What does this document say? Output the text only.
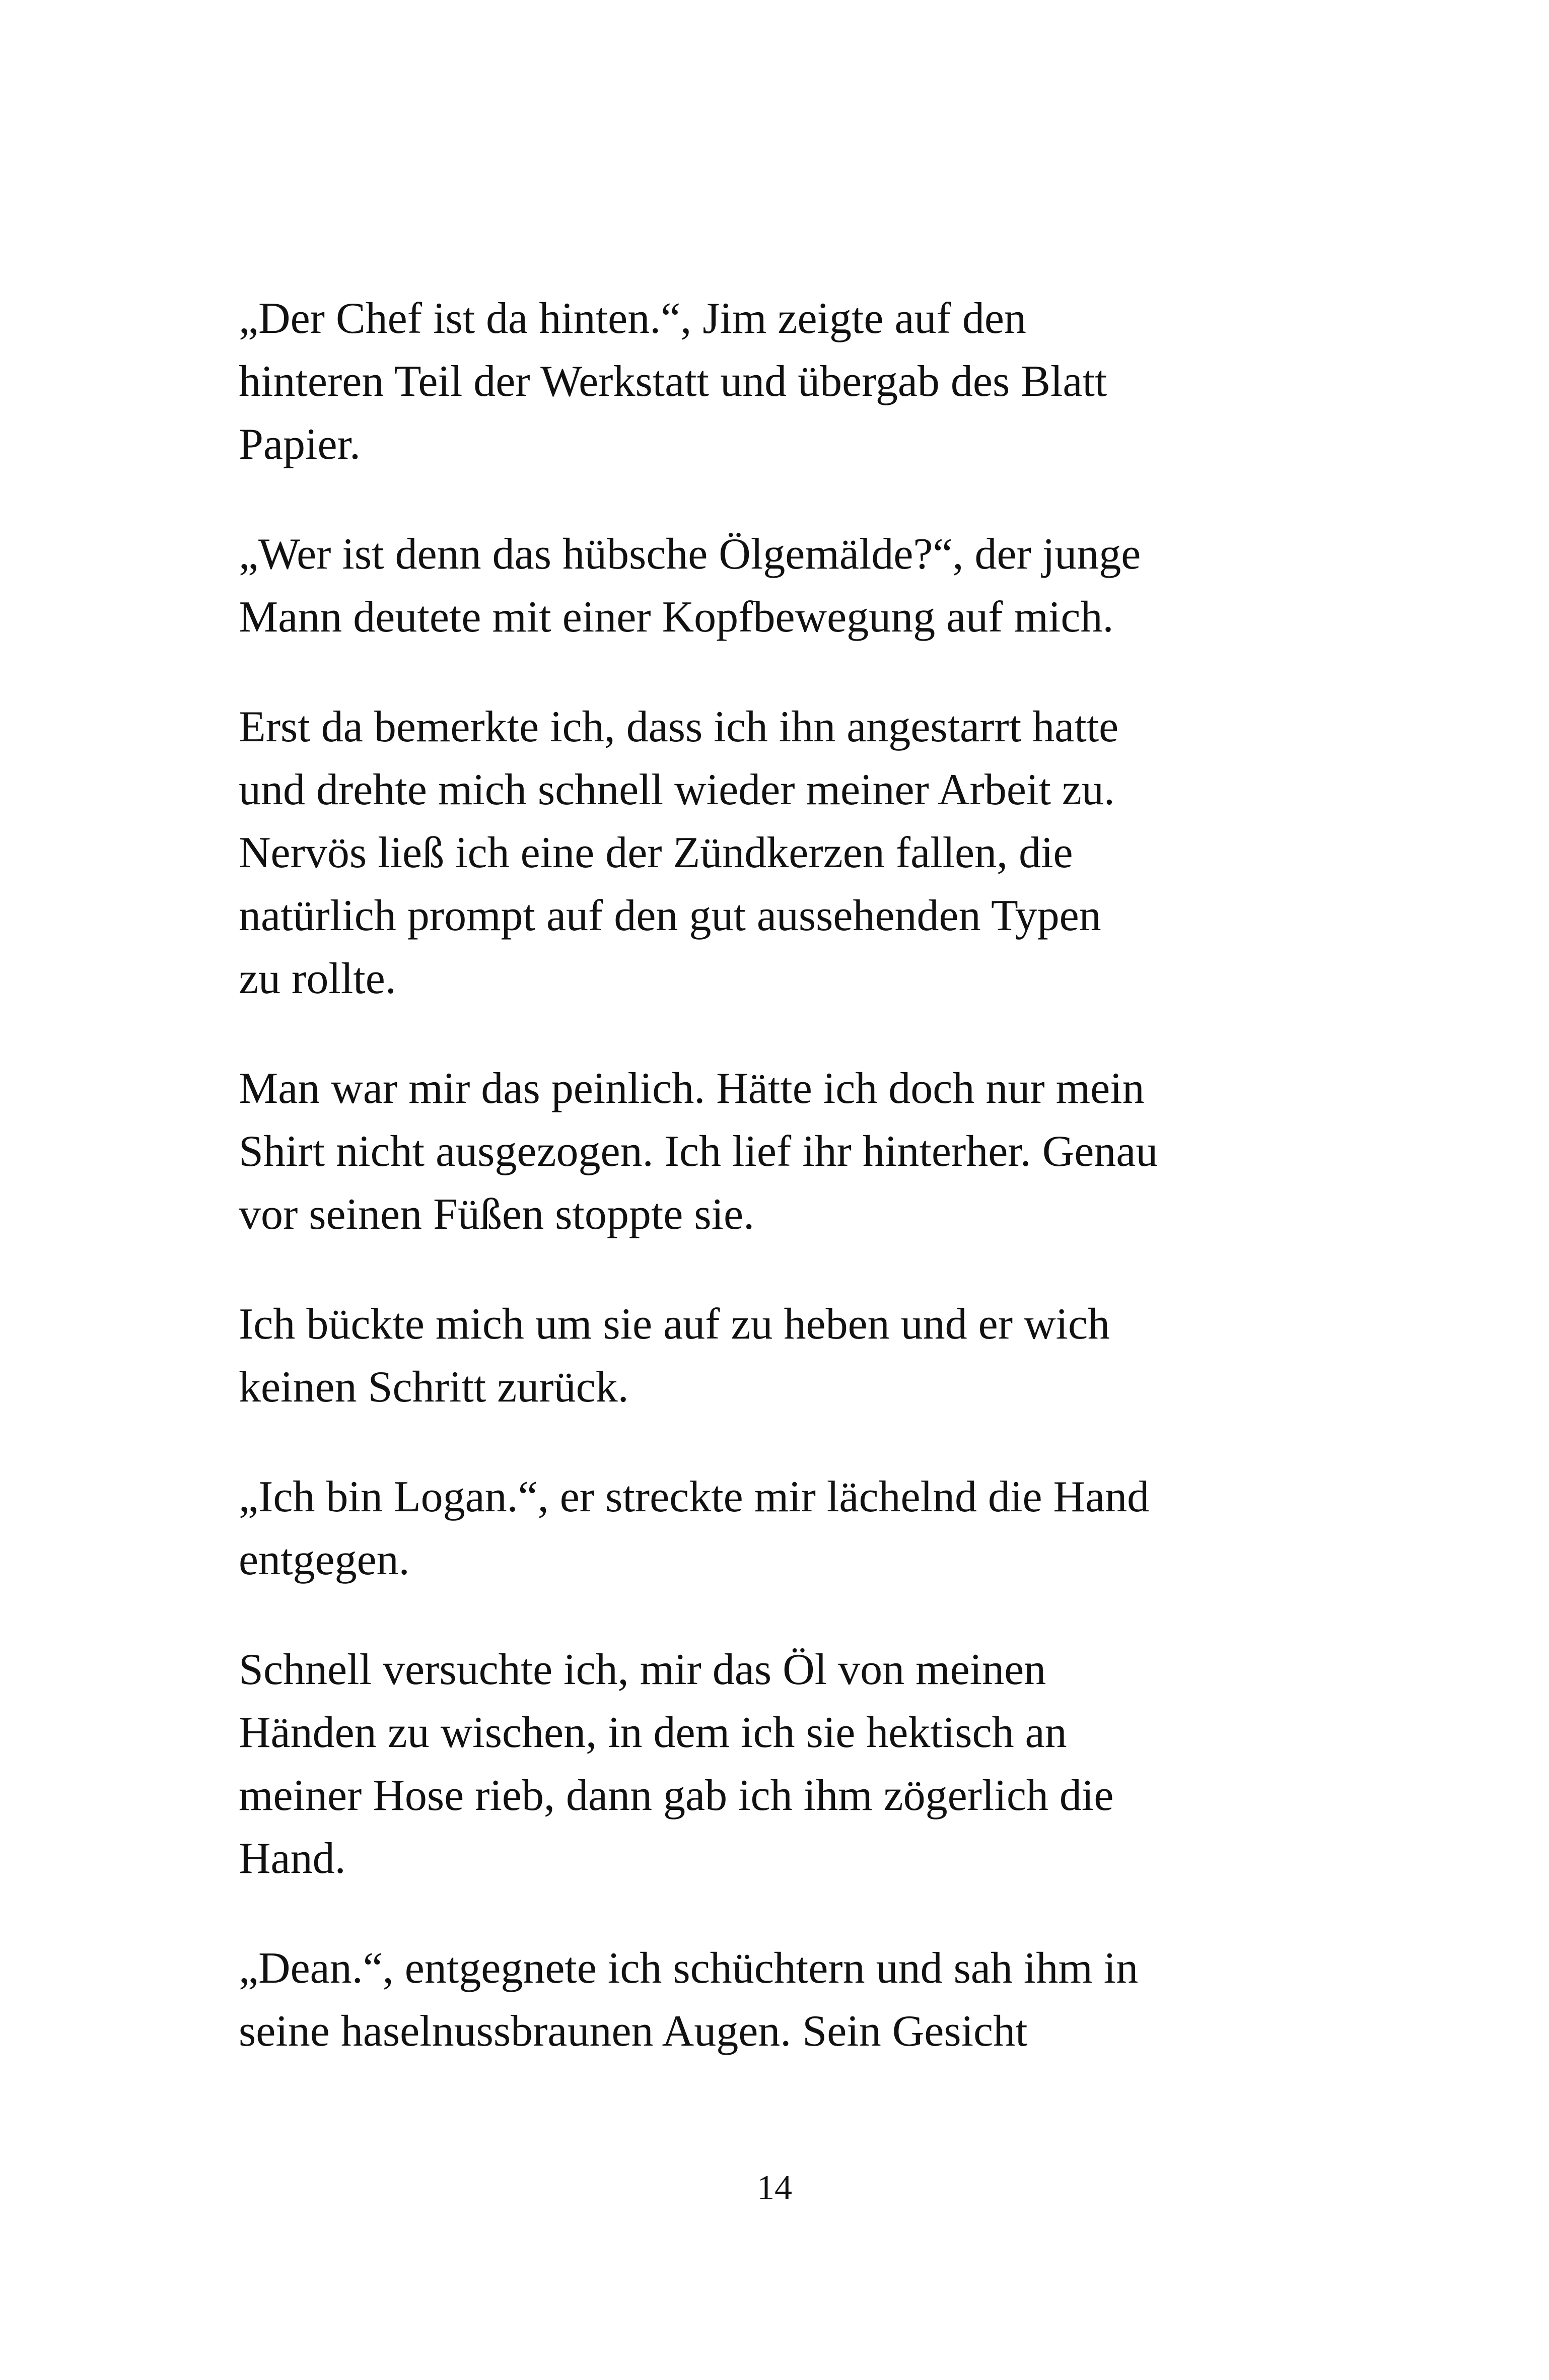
„Der Chef ist da hinten.“, Jim zeigte auf den
hinteren Teil der Werkstatt und übergab des Blatt
Papier.

„Wer ist denn das hübsche Ölgemälde?“, der junge
Mann deutete mit einer Kopfbewegung auf mich.

Erst da bemerkte ich, dass ich ihn angestarrt hatte
und drehte mich schnell wieder meiner Arbeit zu.
Nervös ließ ich eine der Zündkerzen fallen, die
natürlich prompt auf den gut aussehenden Typen
zu rollte.

Man war mir das peinlich. Hätte ich doch nur mein
Shirt nicht ausgezogen. Ich lief ihr hinterher. Genau
vor seinen Füßen stoppte sie.

Ich bückte mich um sie auf zu heben und er wich
keinen Schritt zurück.

„Ich bin Logan.“, er streckte mir lächelnd die Hand
entgegen.

Schnell versuchte ich, mir das Öl von meinen
Händen zu wischen, in dem ich sie hektisch an
meiner Hose rieb, dann gab ich ihm zögerlich die
Hand.

„Dean.“, entgegnete ich schüchtern und sah ihm in
seine haselnussbraunen Augen. Sein Gesicht

14
